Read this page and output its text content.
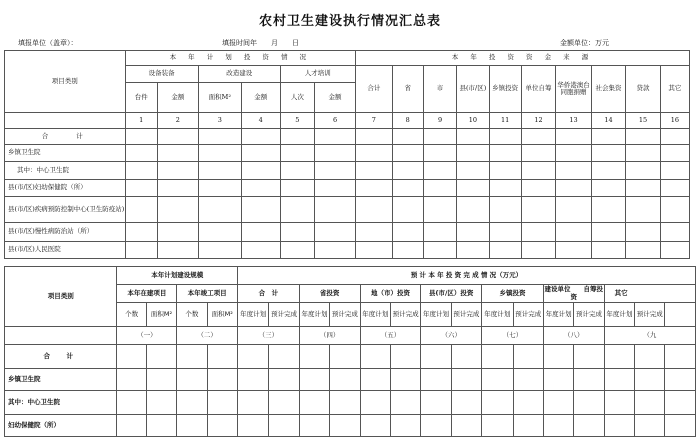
农村卫生建设执行情况汇总表
填报单位（盖章）：	填报时间年　　月　　日	金额单位：万元
项目类别	本 年 计 划 投 资 情 况						本 年 投 资 资 金 来 源									
	设备装备		改造建设		人才培训		合计	省	市	县(市/区)	乡镇投资	单位自筹	华侨港澳台同胞捐赠	社会集资	贷款	其它
	台件	金额	面积M²	金额	人次	金额										
	1	2	3	4	5	6	7	8	9	10	11	12	13	14	15	16
合　　计																
乡镇卫生院																
其中：中心卫生院																
县(市/区)妇幼保健院（所）																
县(市/区)疾病预防控制中心(卫生防疫站)																
县(市/区)慢性病防治站（所）																
县(市/区)人民医院																
项目类别	本年计划建设规模				预 计 本 年 投 资 完 成 情 况（万元）														
	本年在建项目		本年竣工项目		合　计		省投资		地（市）投资		县(市/区）投资		乡镇投资		建设单位　　自筹投资		其它		
	个数	面积M²	个数	面积M²	年度计划	预计完成	年度计划	预计完成	年度计划	预计完成	年度计划	预计完成	年度计划	预计完成	年度计划	预计完成	年度计划	预计完成	
	（一）		（二）		（三）		（四）		（五）		（六）		（七）		（八）		（九		
合　计																			
乡镇卫生院																			
其中：中心卫生院																			
妇幼保健院（所）																			
